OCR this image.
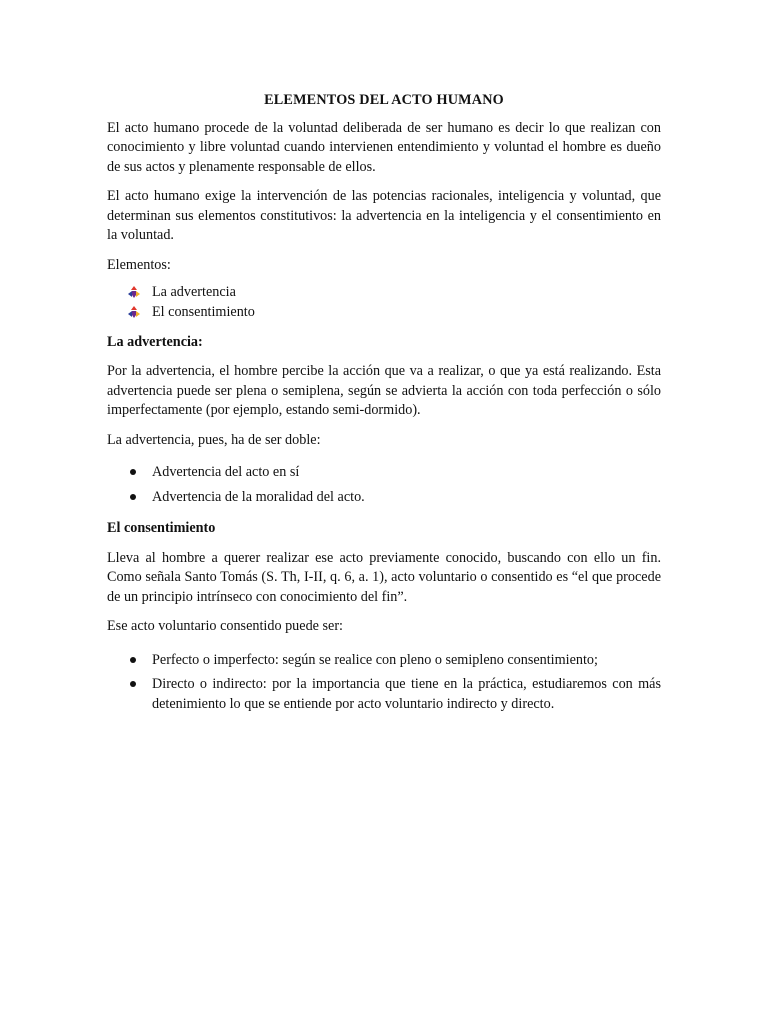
ELEMENTOS DEL ACTO HUMANO

El acto humano procede de la voluntad deliberada de ser humano es decir lo que realizan con conocimiento y libre voluntad cuando intervienen entendimiento y voluntad el hombre es dueño de sus actos y plenamente responsable de ellos.

El acto humano exige la intervención de las potencias racionales, inteligencia y voluntad, que determinan sus elementos constitutivos: la advertencia en la inteligencia y el consentimiento en la voluntad.

Elementos:

La advertencia
El consentimiento

La advertencia:

Por la advertencia, el hombre percibe la acción que va a realizar, o que ya está realizando. Esta advertencia puede ser plena o semiplena, según se advierta la acción con toda perfección o sólo imperfectamente (por ejemplo, estando semi-dormido).

La advertencia, pues, ha de ser doble:

Advertencia del acto en sí
Advertencia de la moralidad del acto.

El consentimiento

Lleva al hombre a querer realizar ese acto previamente conocido, buscando con ello un fin. Como señala Santo Tomás (S. Th, I-II, q. 6, a. 1), acto voluntario o consentido es “el que procede de un principio intrínseco con conocimiento del fin”.

Ese acto voluntario consentido puede ser:

Perfecto o imperfecto: según se realice con pleno o semipleno consentimiento;
Directo o indirecto: por la importancia que tiene en la práctica, estudiaremos con más detenimiento lo que se entiende por acto voluntario indirecto y directo.
